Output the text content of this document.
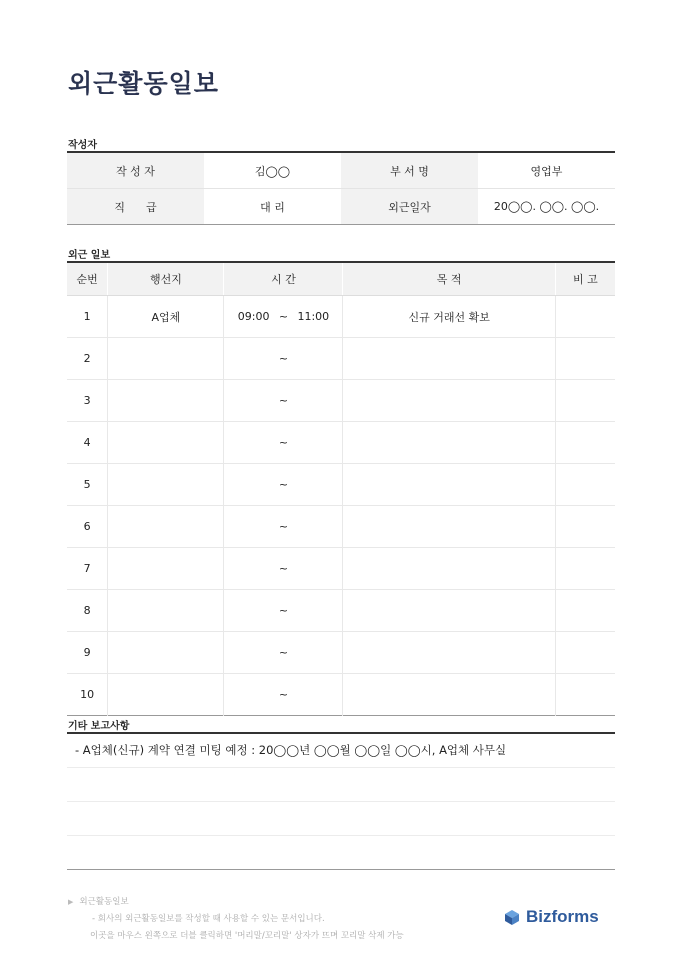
외근활동일보
작성자
작 성 자	김◯◯	부 서 명	영업부
직      급	대 리	외근일자	20◯◯. ◯◯. ◯◯.
외근 일보
순번	행선지	시 간	목 적	비 고
1	A업체	09:00 ~ 11:00	신규 거래선 확보	
2		~		

3		~		

4		~		

5		~		

6		~		

7		~		

8		~		

9		~		

10		~		

기타 보고사항
- A업체(신규) 계약 연결 미팅 예정 : 20◯◯년 ◯◯월 ◯◯일 ◯◯시, A업체 사무실
▶ 외근활동일보
- 회사의 외근활동일보를 작성할 때 사용할 수 있는 문서입니다.
이곳을 마우스 왼쪽으로 더블 클릭하면 '머리말/꼬리말' 상자가 뜨며 꼬리말 삭제 가능
Bizforms
